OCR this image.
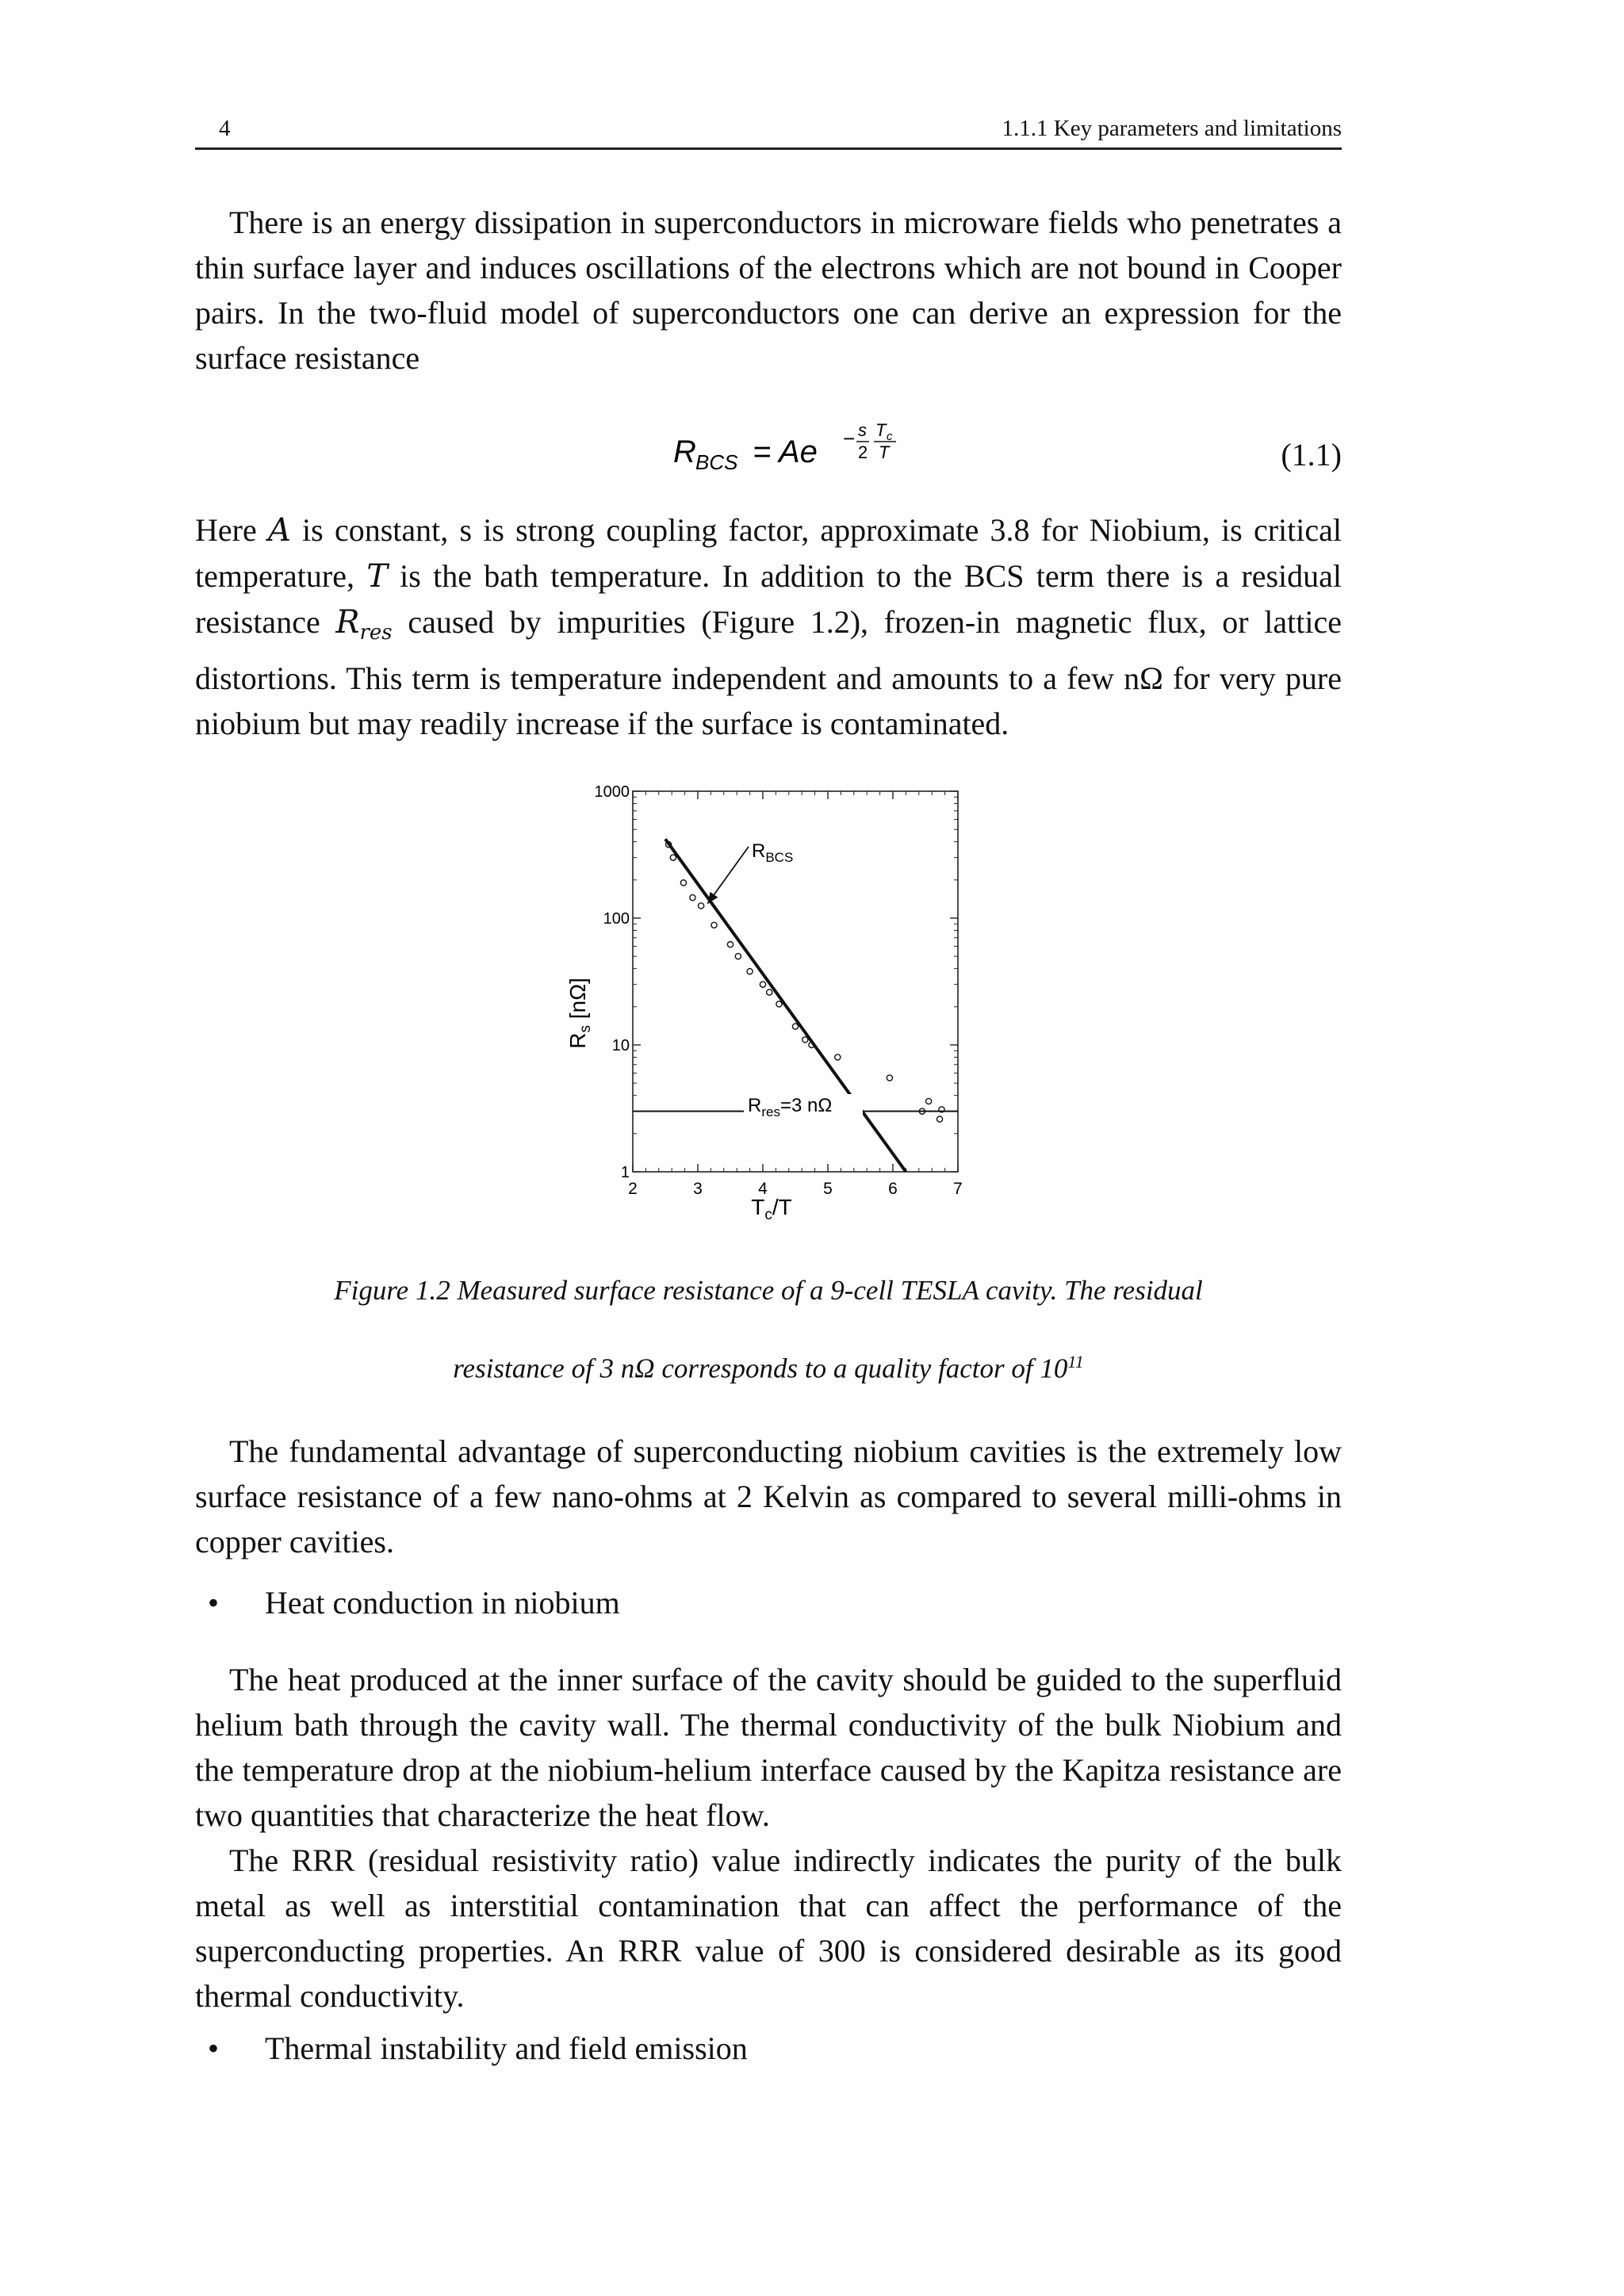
4	1.1.1 Key parameters and limitations

There is an energy dissipation in superconductors in microware fields who penetrates a thin surface layer and induces oscillations of the electrons which are not bound in Cooper pairs. In the two-fluid model of superconductors one can derive an expression for the surface resistance

R BCS = Ae − s
2
T c
T	(1.1)

Here A is constant, s is strong coupling factor, approximate 3.8 for Niobium, is critical temperature, T is the bath temperature. In addition to the BCS term there is a residual resistance $R_{res}$ caused by impurities (Figure 1.2), frozen-in magnetic flux, or lattice distortions. This term is temperature independent and amounts to a few nΩ for very pure niobium but may readily increase if the surface is contaminated.

2	3	4	5	6	7
1
10
100
1000
$R_{BCS}$
$R_{res}=3$ nΩ
$T_c/T$
$R_s$ [nΩ]

Figure 1.2 Measured surface resistance of a 9-cell TESLA cavity. The residual

resistance of 3 nΩ corresponds to a quality factor of $10^{11}$

The fundamental advantage of superconducting niobium cavities is the extremely low surface resistance of a few nano-ohms at 2 Kelvin as compared to several milli-ohms in copper cavities.

• Heat conduction in niobium

The heat produced at the inner surface of the cavity should be guided to the superfluid helium bath through the cavity wall. The thermal conductivity of the bulk Niobium and the temperature drop at the niobium-helium interface caused by the Kapitza resistance are two quantities that characterize the heat flow.

The RRR (residual resistivity ratio) value indirectly indicates the purity of the bulk metal as well as interstitial contamination that can affect the performance of the superconducting properties. An RRR value of 300 is considered desirable as its good thermal conductivity.

• Thermal instability and field emission
